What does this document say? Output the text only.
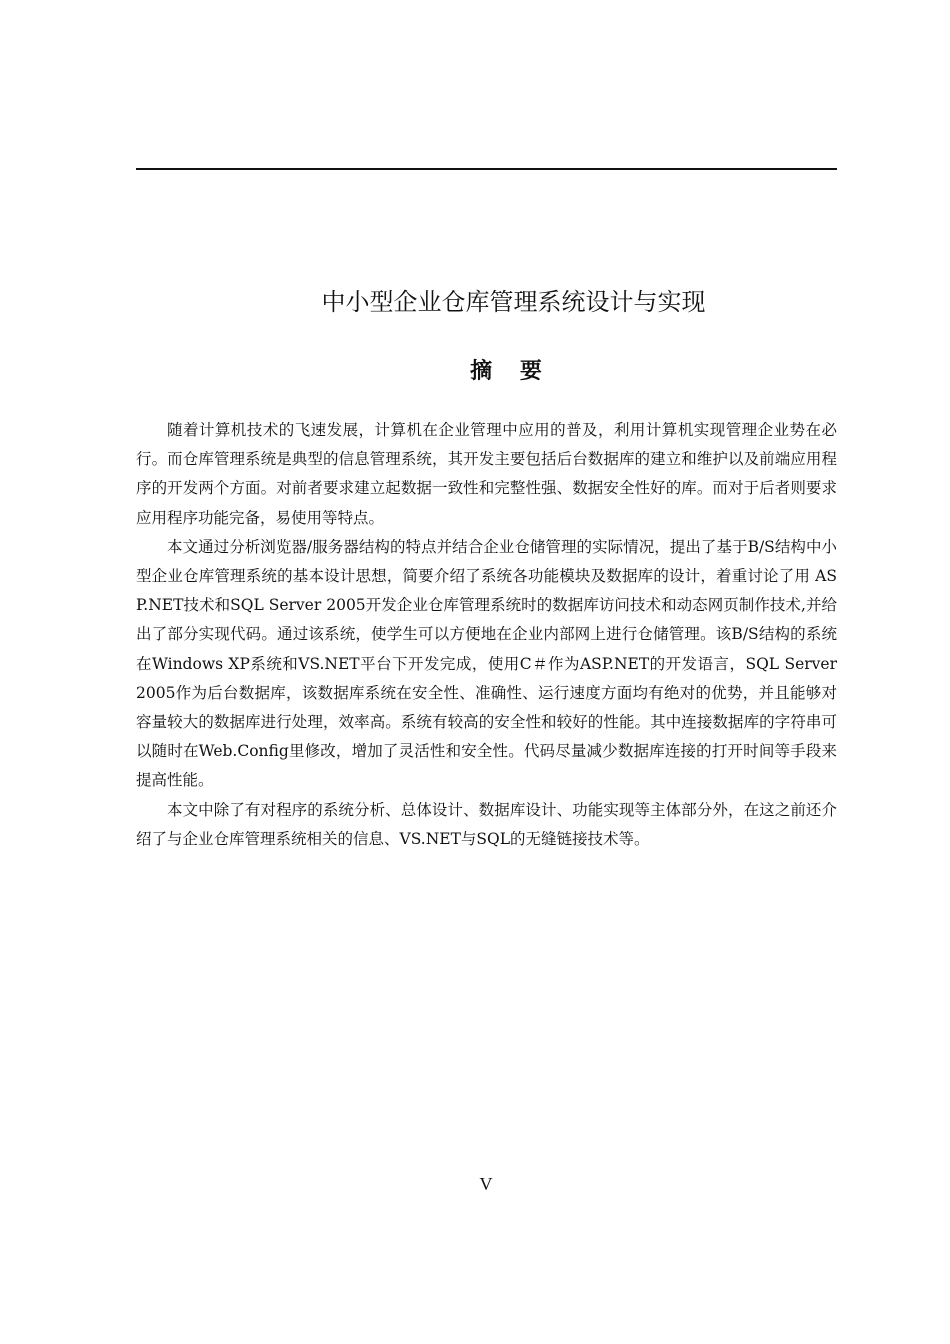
中小型企业仓库管理系统设计与实现
摘 要

随着计算机技术的飞速发展，计算机在企业管理中应用的普及，利用计算机实现管理企业势在必行。而仓库管理系统是典型的信息管理系统，其开发主要包括后台数据库的建立和维护以及前端应用程序的开发两个方面。对前者要求建立起数据一致性和完整性强、数据安全性好的库。而对于后者则要求应用程序功能完备，易使用等特点。

本文通过分析浏览器/服务器结构的特点并结合企业仓储管理的实际情况，提出了基于B/S结构中小型企业仓库管理系统的基本设计思想，简要介绍了系统各功能模块及数据库的设计，着重讨论了用 ASP.NET技术和SQL Server 2005开发企业仓库管理系统时的数据库访问技术和动态网页制作技术,并给出了部分实现代码。通过该系统，使学生可以方便地在企业内部网上进行仓储管理。该B/S结构的系统在Windows XP系统和VS.NET平台下开发完成，使用C＃作为ASP.NET的开发语言，SQL Server 2005作为后台数据库，该数据库系统在安全性、准确性、运行速度方面均有绝对的优势，并且能够对容量较大的数据库进行处理，效率高。系统有较高的安全性和较好的性能。其中连接数据库的字符串可以随时在Web.Config里修改，增加了灵活性和安全性。代码尽量减少数据库连接的打开时间等手段来提高性能。

本文中除了有对程序的系统分析、总体设计、数据库设计、功能实现等主体部分外，在这之前还介绍了与企业仓库管理系统相关的信息、VS.NET与SQL的无缝链接技术等。

V
